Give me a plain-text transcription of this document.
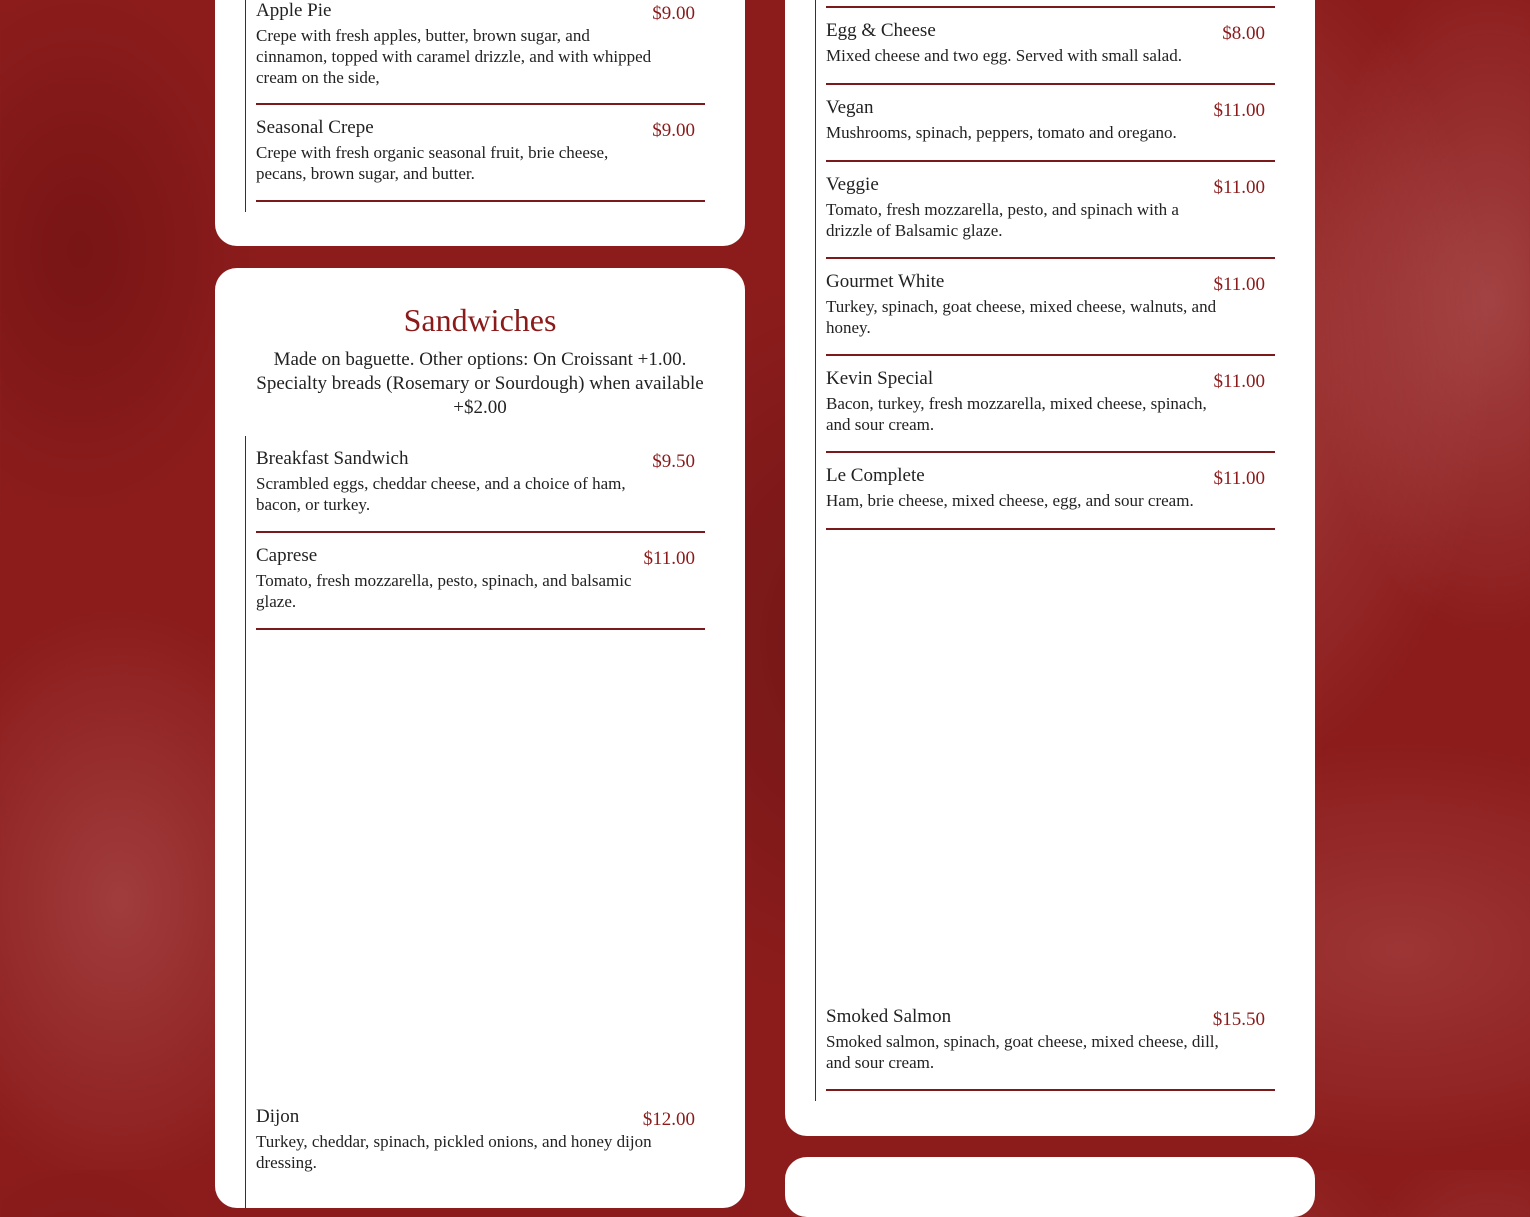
Apple Pie	$9.00
Crepe with fresh apples, butter, brown sugar, and cinnamon, topped with caramel drizzle, and with whipped cream on the side,
Seasonal Crepe	$9.00
Crepe with fresh organic seasonal fruit, brie cheese, pecans, brown sugar, and butter.
Sandwiches
Made on baguette. Other options: On Croissant +1.00. Specialty breads (Rosemary or Sourdough) when available +$2.00
Breakfast Sandwich	$9.50
Scrambled eggs, cheddar cheese, and a choice of ham, bacon, or turkey.
Caprese	$11.00
Tomato, fresh mozzarella, pesto, spinach, and balsamic glaze.
Dijon	$12.00
Turkey, cheddar, spinach, pickled onions, and honey dijon dressing.
Egg & Cheese	$8.00
Mixed cheese and two egg. Served with small salad.
Vegan	$11.00
Mushrooms, spinach, peppers, tomato and oregano.
Veggie	$11.00
Tomato, fresh mozzarella, pesto, and spinach with a drizzle of Balsamic glaze.
Gourmet White	$11.00
Turkey, spinach, goat cheese, mixed cheese, walnuts, and honey.
Kevin Special	$11.00
Bacon, turkey, fresh mozzarella, mixed cheese, spinach, and sour cream.
Le Complete	$11.00
Ham, brie cheese, mixed cheese, egg, and sour cream.
Smoked Salmon	$15.50
Smoked salmon, spinach, goat cheese, mixed cheese, dill, and sour cream.
